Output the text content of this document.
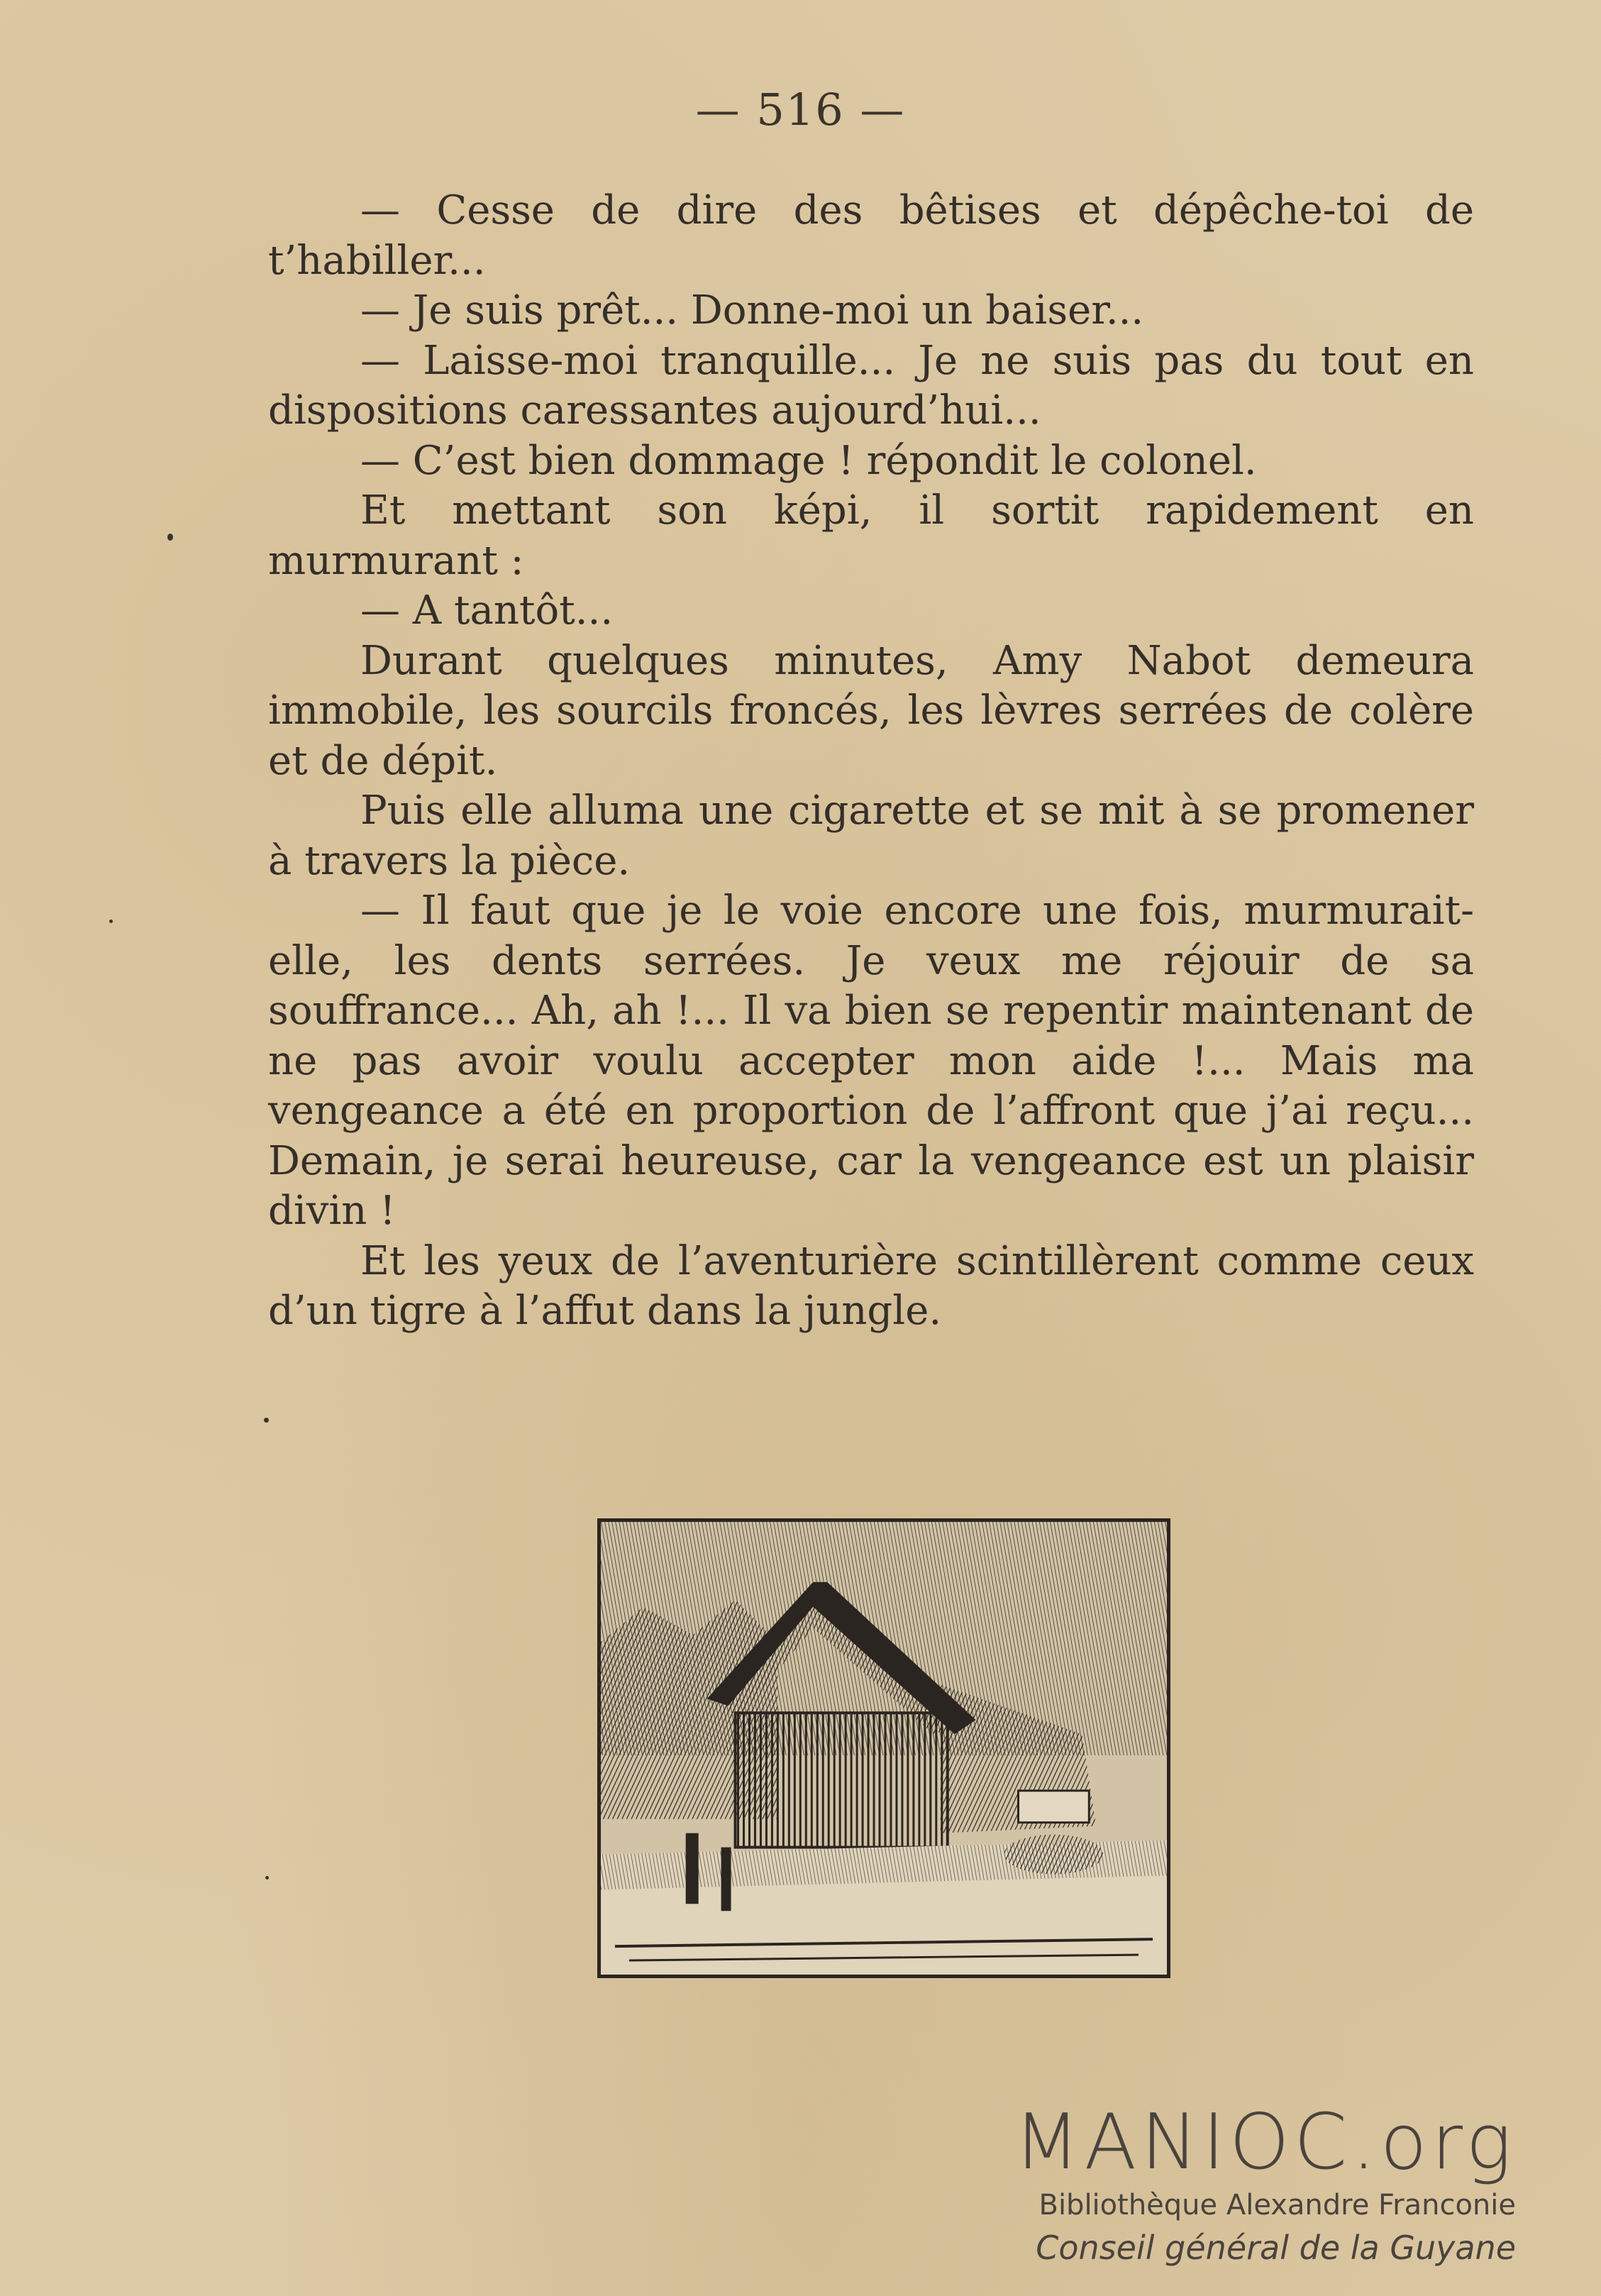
— 516 —

— Cesse de dire des bêtises et dépêche-toi de t’habiller...

— Je suis prêt... Donne-moi un baiser...

— Laisse-moi tranquille... Je ne suis pas du tout en dispositions caressantes aujourd’hui...

— C’est bien dommage ! répondit le colonel.

Et mettant son képi, il sortit rapidement en murmurant :

— A tantôt...

Durant quelques minutes, Amy Nabot demeura immobile, les sourcils froncés, les lèvres serrées de colère et de dépit.

Puis elle alluma une cigarette et se mit à se promener à travers la pièce.

— Il faut que je le voie encore une fois, murmurait-elle, les dents serrées. Je veux me réjouir de sa souffrance... Ah, ah !... Il va bien se repentir maintenant de ne pas avoir voulu accepter mon aide !... Mais ma vengeance a été en proportion de l’affront que j’ai reçu... Demain, je serai heureuse, car la vengeance est un plaisir divin !

Et les yeux de l’aventurière scintillèrent comme ceux d’un tigre à l’affut dans la jungle.

MANIOC.org
Bibliothèque Alexandre Franconie
Conseil général de la Guyane
